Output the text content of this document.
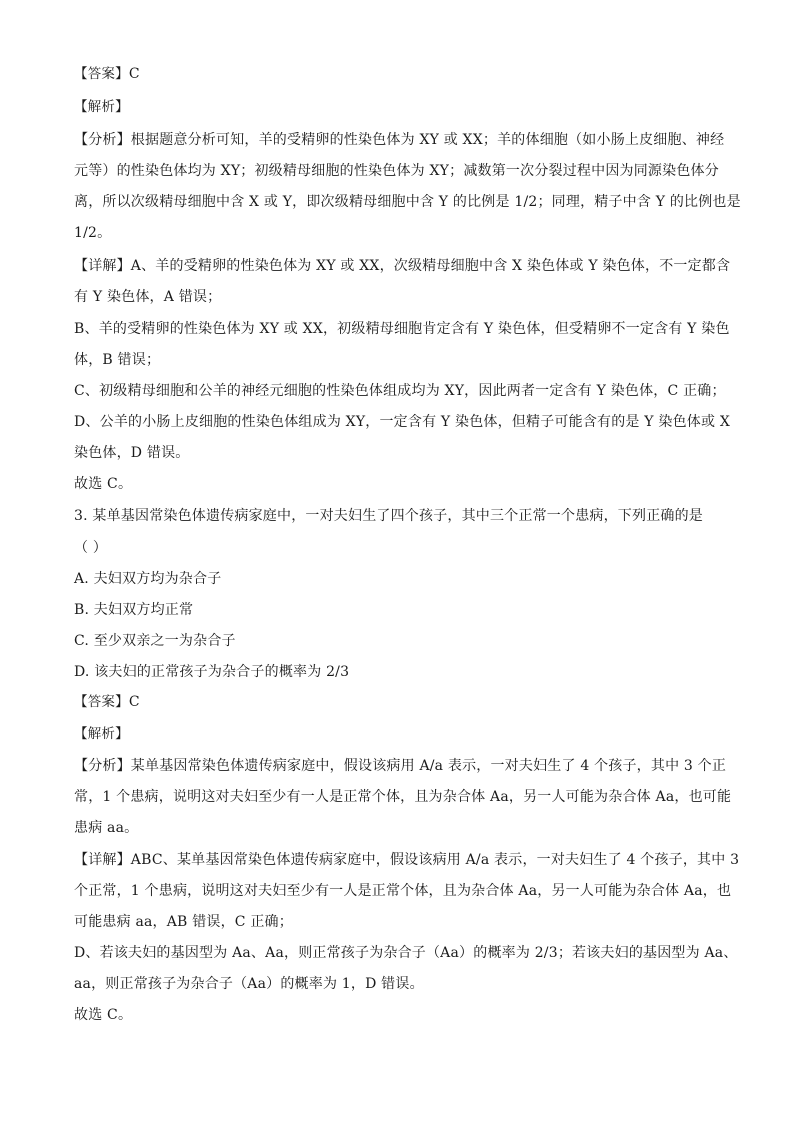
【答案】C
【解析】
【分析】根据题意分析可知，羊的受精卵的性染色体为 XY 或 XX；羊的体细胞（如小肠上皮细胞、神经
元等）的性染色体均为 XY；初级精母细胞的性染色体为 XY；减数第一次分裂过程中因为同源染色体分
离，所以次级精母细胞中含 X 或 Y，即次级精母细胞中含 Y 的比例是 1/2；同理，精子中含 Y 的比例也是
1/2。
【详解】A、羊的受精卵的性染色体为 XY 或 XX，次级精母细胞中含 X 染色体或 Y 染色体，不一定都含
有 Y 染色体，A 错误；
B、羊的受精卵的性染色体为 XY 或 XX，初级精母细胞肯定含有 Y 染色体，但受精卵不一定含有 Y 染色
体，B 错误；
C、初级精母细胞和公羊的神经元细胞的性染色体组成均为 XY，因此两者一定含有 Y 染色体，C 正确；
D、公羊的小肠上皮细胞的性染色体组成为 XY，一定含有 Y 染色体，但精子可能含有的是 Y 染色体或 X
染色体，D 错误。
故选 C。
3. 某单基因常染色体遗传病家庭中，一对夫妇生了四个孩子，其中三个正常一个患病，下列正确的是
（ ）
A. 夫妇双方均为杂合子
B. 夫妇双方均正常
C. 至少双亲之一为杂合子
D. 该夫妇的正常孩子为杂合子的概率为 2/3
【答案】C
【解析】
【分析】某单基因常染色体遗传病家庭中，假设该病用 A/a 表示，一对夫妇生了 4 个孩子，其中 3 个正
常，1 个患病，说明这对夫妇至少有一人是正常个体，且为杂合体 Aa，另一人可能为杂合体 Aa，也可能
患病 aa。
【详解】ABC、某单基因常染色体遗传病家庭中，假设该病用 A/a 表示，一对夫妇生了 4 个孩子，其中 3
个正常，1 个患病，说明这对夫妇至少有一人是正常个体，且为杂合体 Aa，另一人可能为杂合体 Aa，也
可能患病 aa，AB 错误，C 正确；
D、若该夫妇的基因型为 Aa、Aa，则正常孩子为杂合子（Aa）的概率为 2/3；若该夫妇的基因型为 Aa、
aa，则正常孩子为杂合子（Aa）的概率为 1，D 错误。
故选 C。
